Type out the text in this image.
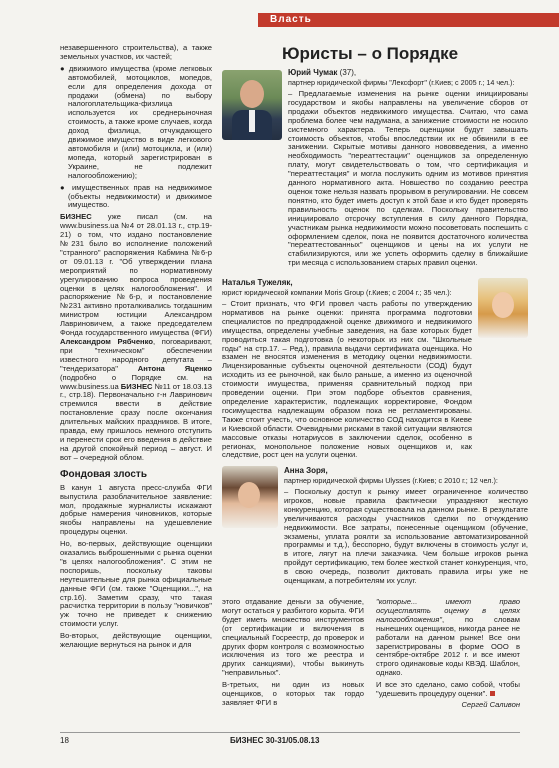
Власть

незавершенного строительства), а также земельных участков, их частей;

● движимого имущества (кроме легковых автомобилей, мотоциклов, мопедов, если для определения дохода от продажи (обмена) по выбору налогоплательщика-физлица используется их среднерыночная стоимость, а также кроме случаев, когда доход физлица, отчуждающего движимое имущество в виде легкового автомобиля и (или) мотоцикла, и (или) мопеда, который зарегистрирован в Украине, не подлежит налогообложению);

● имущественных прав на недвижимое (объекты недвижимости) и движимое имущество.

БИЗНЕС уже писал (см. на www.business.ua №4 от 28.01.13 г., стр.19-21) о том, что издано постановление №231 было во исполнение положений "странного" распоряжения Кабмина №6-р от 09.01.13 г. "Об утверждении плана мероприятий по нормативному урегулированию вопроса проведения оценки в целях налогообложения". И распоряжение №6-р, и постановление №231 активно проталкивались тогдашним министром юстиции Александром Лавриновичем, а также председателем Фонда государственного имущества (ФГИ) Александром Рябченко, поговаривают, при "техническом" обеспечении известного народного депутата – "тендеризатора" Антона Яценко (подробно о Порядке см. на www.business.ua БИЗНЕС №11 от 18.03.13 г., стр.18). Первоначально г-н Лавринович стремился ввести в действие постановление сразу после окончания длительных майских праздников. В итоге, правда, ему пришлось немного отступить и перенести срок его введения в действие на другой спокойный период – август. И вот – очередной облом.

Фондовая злость

В канун 1 августа пресс-служба ФГИ выпустила разоблачительное заявление: мол, продажные журналисты искажают добрые намерения чиновников, которые якобы направлены на удешевление процедуры оценки.

Но, во-первых, действующие оценщики оказались выброшенными с рынка оценки "в целях налогообложения". С этим не поспоришь, поскольку таковы неутешительные для рынка официальные данные ФГИ (см. также "Оценщики...", на стр.16). Заметим сразу, что такая расчистка территории в пользу "новичков" уж точно не приведет к снижению стоимости услуг.

Во-вторых, действующие оценщики, желающие вернуться на рынок и для

Юристы – о Порядке
Юрий Чумак (37),
партнер юридической фирмы "Лексфорт" (г.Киев; с 2005 г.; 14 чел.):

– Предлагаемые изменения на рынке оценки инициированы государством и якобы направлены на увеличение сборов от продажи объектов недвижимого имущества. Считаю, что сама проблема более чем надумана, а занижение стоимости не носило системного характера. Теперь оценщики будут завышать стоимость объектов, чтобы впоследствии их не обвинили в ее занижении. Скрытые мотивы данного нововведения, а именно необходимость "переаттестации" оценщиков за определенную плату, могут свидетельствовать о том, что сертификация и "переаттестация" и могла послужить одним из мотивов принятия данного нормативного акта. Новшество по созданию реестра оценок тоже нельзя назвать прорывом в регулировании. Не совсем понятно, кто будет иметь доступ к этой базе и кто будет проверять правильность оценок по сделкам. Поскольку правительство инициировало отсрочку вступления в силу данного Порядка, участникам рынка недвижимости можно посоветовать поспешить с оформлением сделок, пока не появится достаточного количества "переаттестованных" оценщиков и цены на их услуги не стабилизируются, или же успеть оформить сделку в ближайшие три месяца с использованием старых правил оценки.

Наталья Тужеляк,
юрист юридической компании Moris Group (г.Киев; с 2004 г.; 35 чел.):

– Стоит признать, что ФГИ провел часть работы по утверждению нормативов на рынке оценки: принята программа подготовки специалистов по предпродажной оценке движимого и недвижимого имущества, определены учебные заведения, на базе которых будет проводиться такая подготовка (о некоторых из них см. "Школьные годы" на стр.17. – Ред.), правила выдачи сертификата оценщика. Но взамен не вносятся изменения в методику оценки недвижимости. Лицензированные субъекты оценочной деятельности (СОД) будут исходить из ее рыночной, как было раньше, а именно из оценочной стоимости имущества, применяя сравнительный подход при проведении оценки. При этом подборе объектов сравнения, определение характеристик, подлежащих корректировке, Фондом госимущества надлежащим образом пока не регламентированы. Также стоит учесть, что основное количество СОД находится в Киеве и Киевской области. Очевидными рисками в такой ситуации являются массовые отказы нотариусов в заключении сделок, особенно в регионах, монопольное положение новых оценщиков и, как следствие, рост цен на услуги оценки.

Анна Зоря,
партнер юридической фирмы Ulysses (г.Киев; с 2010 г.; 12 чел.):

– Поскольку доступ к рынку имеет ограниченное количество игроков, новые правила фактически упраздняют жесткую конкуренцию, которая существовала на данном рынке. В результате увеличиваются расходы участников сделки по отчуждению недвижимости. Все затраты, понесенные оценщиком (обучение, экзамены, уплата роялти за использование автоматизированной программы и т.д.), бесспорно, будут включены в стоимость услуг и, в итоге, лягут на плечи заказчика. Чем больше игроков рынка пройдут сертификацию, тем более жесткой станет конкуренция, что, в свою очередь, позволит диктовать правила игры уже не оценщикам, а потребителям их услуг.

этого отдавание деньги за обучение, могут остаться у разбитого корыта. ФГИ будет иметь множество инструментов (от сертификации и включения в специальный Госреестр, до проверок и других форм контроля с возможностью исключения из того же реестра и других санкциями), чтобы выкинуть "неправильных".

В-третьих, ни один из новых оценщиков, о которых так гордо заявляет ФГИ в

"которые... имеют право осуществлять оценку в целях налогообложения", по словам нынешних оценщиков, никогда ранее не работали на данном рынке! Все они зарегистрированы в форме ООО в сентябре-октябре 2012 г. и все имеют строго одинаковые коды КВЭД. Шаблон, однако.

И все это сделано, само собой, чтобы "удешевить процедуру оценки".

Сергей Саливон
18	БИЗНЕС 30-31/05.08.13
